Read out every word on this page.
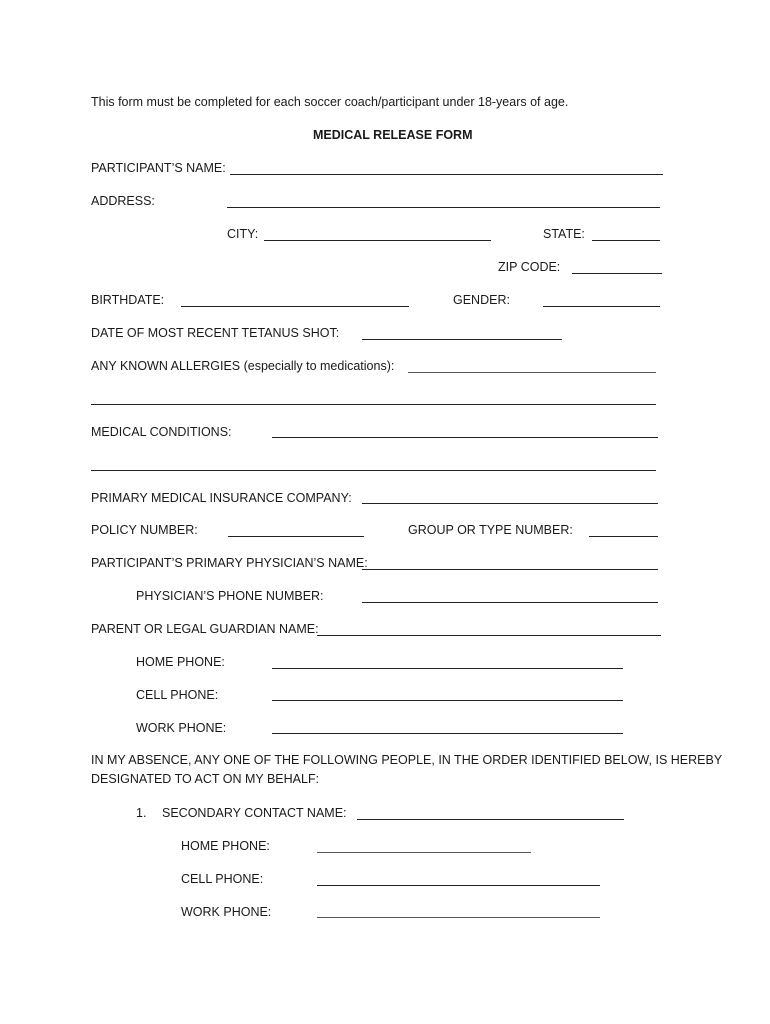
This form must be completed for each soccer coach/participant under 18-years of age.
MEDICAL RELEASE FORM
PARTICIPANT’S NAME:
ADDRESS:
CITY:	STATE:
ZIP CODE:
BIRTHDATE:	GENDER:
DATE OF MOST RECENT TETANUS SHOT:
ANY KNOWN ALLERGIES (especially to medications):
MEDICAL CONDITIONS:
PRIMARY MEDICAL INSURANCE COMPANY:
POLICY NUMBER:	GROUP OR TYPE NUMBER:
PARTICIPANT’S PRIMARY PHYSICIAN’S NAME:
PHYSICIAN’S PHONE NUMBER:
PARENT OR LEGAL GUARDIAN NAME:
HOME PHONE:
CELL PHONE:
WORK PHONE:
IN MY ABSENCE, ANY ONE OF THE FOLLOWING PEOPLE, IN THE ORDER IDENTIFIED BELOW, IS HEREBY
DESIGNATED TO ACT ON MY BEHALF:
1. SECONDARY CONTACT NAME:
HOME PHONE:
CELL PHONE:
WORK PHONE:
